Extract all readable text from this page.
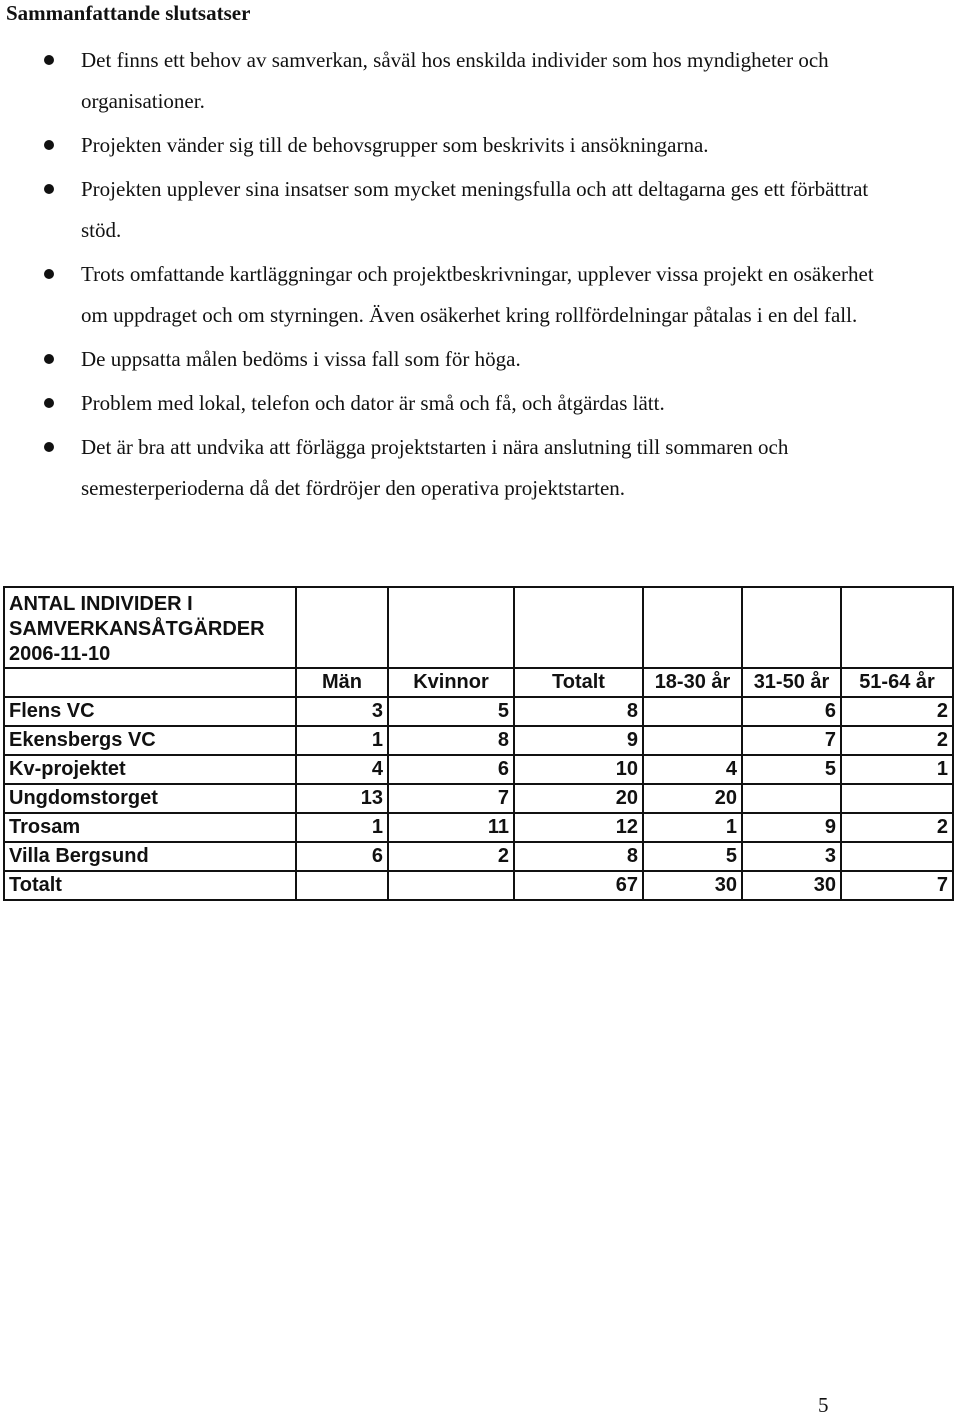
Sammanfattande slutsatser
Det finns ett behov av samverkan, såväl hos enskilda individer som hos myndigheter och organisationer.
Projekten vänder sig till de behovsgrupper som beskrivits i ansökningarna.
Projekten upplever sina insatser som mycket meningsfulla och att deltagarna ges ett förbättrat stöd.
Trots omfattande kartläggningar och projektbeskrivningar, upplever vissa projekt en osäkerhet om uppdraget och om styrningen. Även osäkerhet kring rollfördelningar påtalas i en del fall.
De uppsatta målen bedöms i vissa fall som för höga.
Problem med lokal, telefon och dator är små och få, och åtgärdas lätt.
Det är bra att undvika att förlägga projektstarten i nära anslutning till sommaren och semesterperioderna då det fördröjer den operativa projektstarten.
ANTAL INDIVIDER I
SAMVERKANSÅTGÄRDER
2006-11-10						

	Män	Kvinnor	Totalt	18-30 år	31-50 år	51-64 år
Flens VC	3	5	8		6	2
Ekensbergs VC	1	8	9		7	2
Kv-projektet	4	6	10	4	5	1
Ungdomstorget	13	7	20	20		
Trosam	1	11	12	1	9	2
Villa Bergsund	6	2	8	5	3	
Totalt			67	30	30	7
5
